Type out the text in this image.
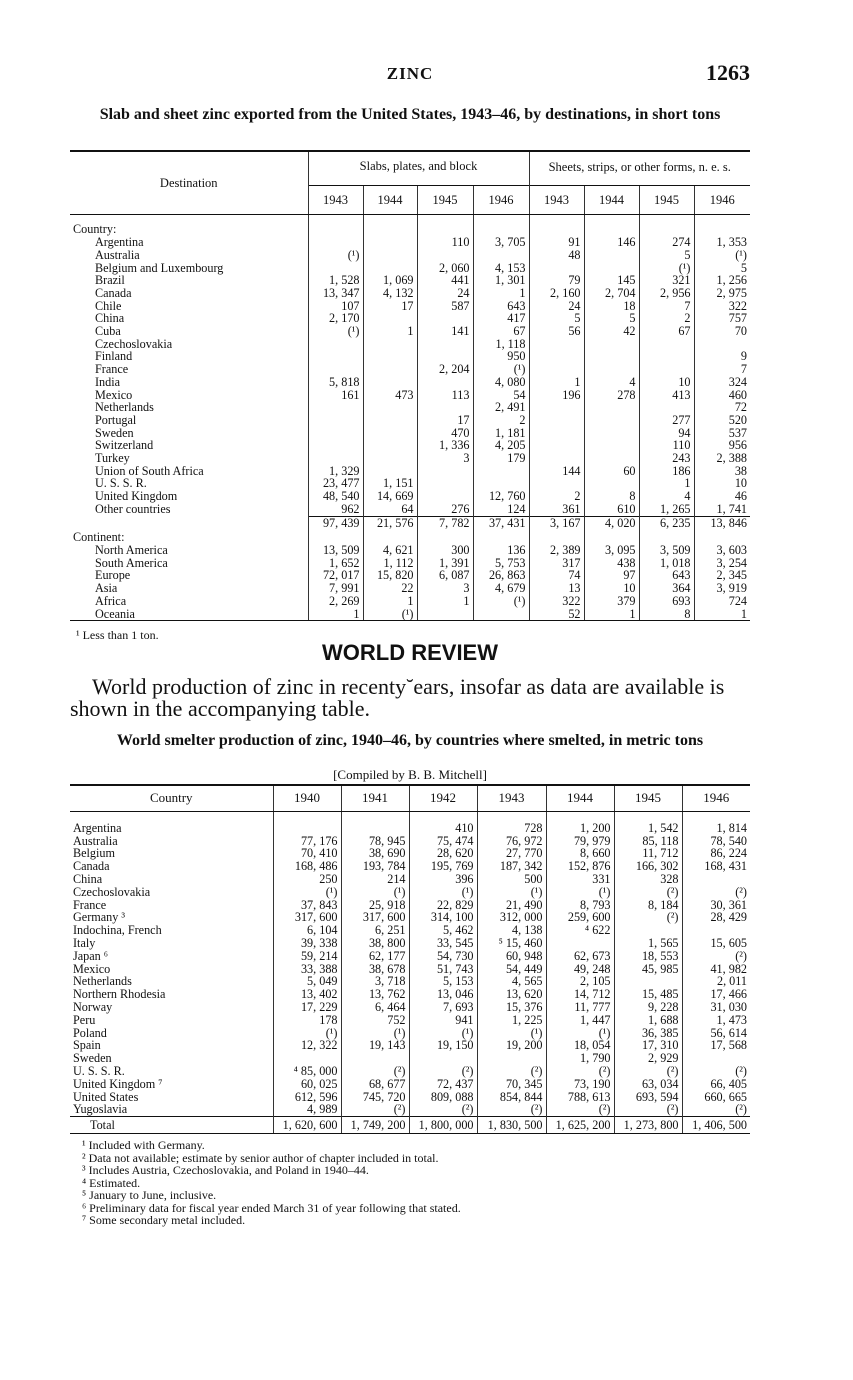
ZINC	1263
Slab and sheet zinc exported from the United States, 1943–46, by destinations, in short tons
Destination	Slabs, plates, and block				Sheets, strips, or other forms, n. e. s.			
	1943	1944	1945	1946	1943	1944	1945	1946
Country:								
Argentina			110	3, 705	91	146	274	1, 353
Australia	(¹)				48		5	(¹)
Belgium and Luxembourg			2, 060	4, 153			(¹)	5
Brazil	1, 528	1, 069	441	1, 301	79	145	321	1, 256
Canada	13, 347	4, 132	24	1	2, 160	2, 704	2, 956	2, 975
Chile	107	17	587	643	24	18	7	322
China	2, 170			417	5	5	2	757
Cuba	(¹)	1	141	67	56	42	67	70
Czechoslovakia				1, 118				
Finland				950				9
France			2, 204	(¹)				7
India	5, 818			4, 080	1	4	10	324
Mexico	161	473	113	54	196	278	413	460
Netherlands				2, 491				72
Portugal			17	2			277	520
Sweden			470	1, 181			94	537
Switzerland			1, 336	4, 205			110	956
Turkey			3	179			243	2, 388
Union of South Africa	1, 329				144	60	186	38
U. S. S. R.	23, 477	1, 151					1	10
United Kingdom	48, 540	14, 669		12, 760	2	8	4	46
Other countries	962	64	276	124	361	610	1, 265	1, 741
	97, 439	21, 576	7, 782	37, 431	3, 167	4, 020	6, 235	13, 846
Continent:								
North America	13, 509	4, 621	300	136	2, 389	3, 095	3, 509	3, 603
South America	1, 652	1, 112	1, 391	5, 753	317	438	1, 018	3, 254
Europe	72, 017	15, 820	6, 087	26, 863	74	97	643	2, 345
Asia	7, 991	22	3	4, 679	13	10	364	3, 919
Africa	2, 269	1	1	(¹)	322	379	693	724
Oceania	1	(¹)			52	1	8	1
¹ Less than 1 ton.
WORLD REVIEW
World production of zinc in recenty˘ears, insofar as data are available is shown in the accompanying table.
World smelter production of zinc, 1940–46, by countries where smelted, in metric tons
[Compiled by B. B. Mitchell]
Country	1940	1941	1942	1943	1944	1945	1946
Argentina			410	728	1, 200	1, 542	1, 814
Australia	77, 176	78, 945	75, 474	76, 972	79, 979	85, 118	78, 540
Belgium	70, 410	38, 690	28, 620	27, 770	8, 660	11, 712	86, 224
Canada	168, 486	193, 784	195, 769	187, 342	152, 876	166, 302	168, 431
China	250	214	396	500	331	328	
Czechoslovakia	(¹)	(¹)	(¹)	(¹)	(¹)	(²)	(²)
France	37, 843	25, 918	22, 829	21, 490	8, 793	8, 184	30, 361
Germany ³	317, 600	317, 600	314, 100	312, 000	259, 600	(²)	28, 429
Indochina, French	6, 104	6, 251	5, 462	4, 138	⁴ 622		
Italy	39, 338	38, 800	33, 545	⁵ 15, 460		1, 565	15, 605
Japan ⁶	59, 214	62, 177	54, 730	60, 948	62, 673	18, 553	(²)
Mexico	33, 388	38, 678	51, 743	54, 449	49, 248	45, 985	41, 982
Netherlands	5, 049	3, 718	5, 153	4, 565	2, 105		2, 011
Northern Rhodesia	13, 402	13, 762	13, 046	13, 620	14, 712	15, 485	17, 466
Norway	17, 229	6, 464	7, 693	15, 376	11, 777	9, 228	31, 030
Peru	178	752	941	1, 225	1, 447	1, 688	1, 473
Poland	(¹)	(¹)	(¹)	(¹)	(¹)	36, 385	56, 614
Spain	12, 322	19, 143	19, 150	19, 200	18, 054	17, 310	17, 568
Sweden					1, 790	2, 929	
U. S. S. R.	⁴ 85, 000	(²)	(²)	(²)	(²)	(²)	(²)
United Kingdom ⁷	60, 025	68, 677	72, 437	70, 345	73, 190	63, 034	66, 405
United States	612, 596	745, 720	809, 088	854, 844	788, 613	693, 594	660, 665
Yugoslavia	4, 989	(²)	(²)	(²)	(²)	(²)	(²)
Total	1, 620, 600	1, 749, 200	1, 800, 000	1, 830, 500	1, 625, 200	1, 273, 800	1, 406, 500
¹ Included with Germany.
² Data not available; estimate by senior author of chapter included in total.
³ Includes Austria, Czechoslovakia, and Poland in 1940–44.
⁴ Estimated.
⁵ January to June, inclusive.
⁶ Preliminary data for fiscal year ended March 31 of year following that stated.
⁷ Some secondary metal included.
